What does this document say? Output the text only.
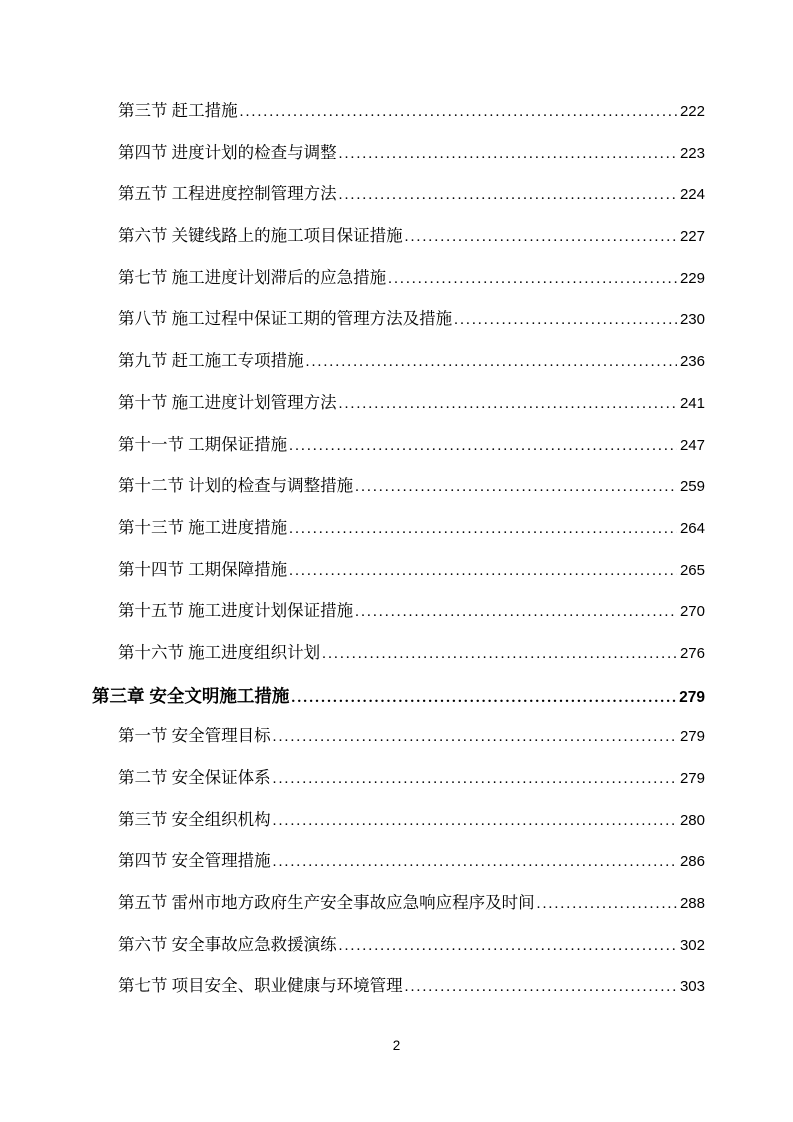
第三节 赶工措施 .....	222
第四节 进度计划的检查与调整 .....	223
第五节 工程进度控制管理方法 .....	224
第六节 关键线路上的施工项目保证措施 .....	227
第七节 施工进度计划滞后的应急措施 .....	229
第八节 施工过程中保证工期的管理方法及措施 .....	230
第九节 赶工施工专项措施 .....	236
第十节 施工进度计划管理方法 .....	241
第十一节 工期保证措施 .....	247
第十二节 计划的检查与调整措施 .....	259
第十三节 施工进度措施 .....	264
第十四节 工期保障措施 .....	265
第十五节 施工进度计划保证措施 .....	270
第十六节 施工进度组织计划 .....	276
第三章 安全文明施工措施 .....	279
第一节 安全管理目标 .....	279
第二节 安全保证体系 .....	279
第三节 安全组织机构 .....	280
第四节 安全管理措施 .....	286
第五节 雷州市地方政府生产安全事故应急响应程序及时间 .....	288
第六节 安全事故应急救援演练 .....	302
第七节 项目安全、职业健康与环境管理 .....	303
2
